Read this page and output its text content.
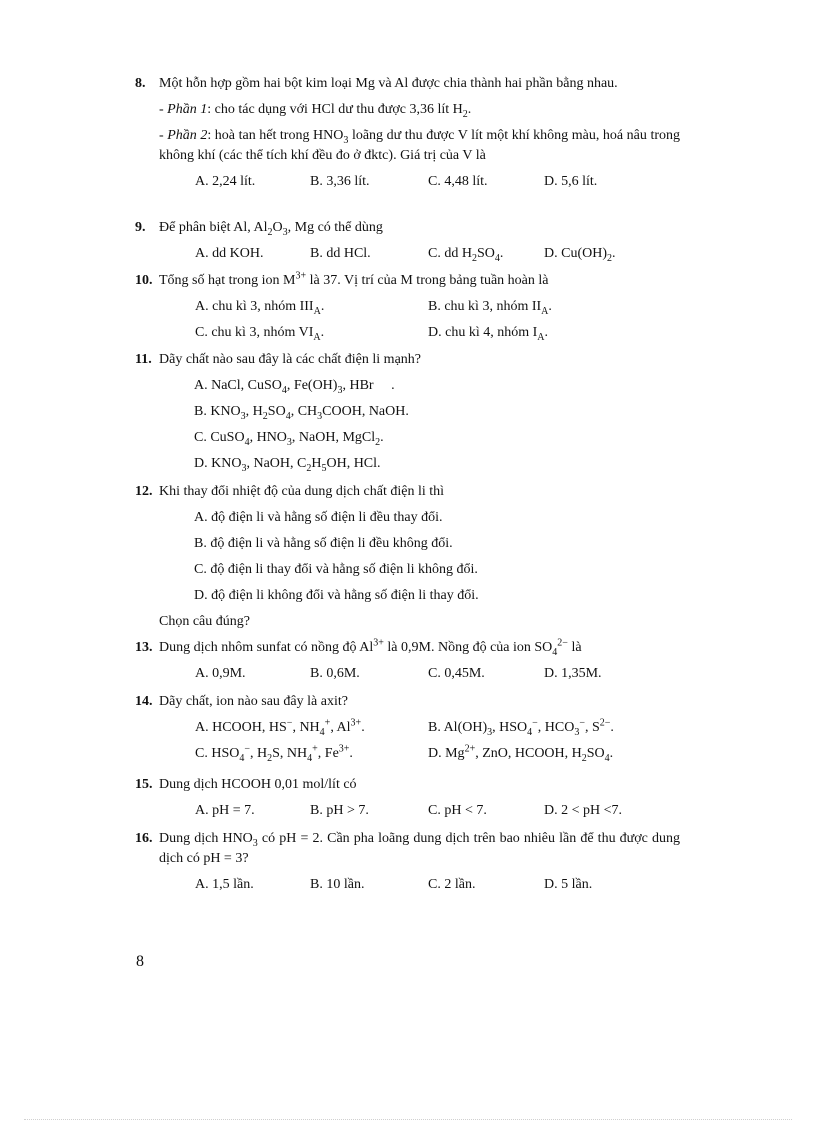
8. Một hỗn hợp gồm hai bột kim loại Mg và Al được chia thành hai phần bằng nhau.
- Phần 1: cho tác dụng với HCl dư thu được 3,36 lít $H_2$.
- Phần 2: hoà tan hết trong $HNO_3$ loãng dư thu được V lít một khí không màu, hoá nâu trong không khí (các thể tích khí đều đo ở đktc). Giá trị của V là
A. 2,24 lít.	B. 3,36 lít.	C. 4,48 lít.	D. 5,6 lít.
9. Để phân biệt Al, $Al_2O_3$, Mg có thể dùng
A. dd KOH.	B. dd HCl.	C. dd $H_2SO_4$.	D. $Cu(OH)_2$.
10. Tổng số hạt trong ion $M^{3+}$ là 37. Vị trí của M trong bảng tuần hoàn là
A. chu kì 3, nhóm $III_A$.	B. chu kì 3, nhóm $II_A$.
C. chu kì 3, nhóm $VI_A$.	D. chu kì 4, nhóm $I_A$.
11. Dãy chất nào sau đây là các chất điện li mạnh?
A. NaCl, CuSO$_4$, $Fe(OH)_3$, HBr     .
B. $KNO_3$, $H_2SO_4$, $CH_3COOH$, NaOH.
C. CuSO$_4$, $HNO_3$, NaOH, MgCl$_2$.
D. $KNO_3$, NaOH, $C_2H_5OH$, HCl.
12. Khi thay đổi nhiệt độ của dung dịch chất điện li thì
A. độ điện li và hằng số điện li đều thay đổi.
B. độ điện li và hằng số điện li đều không đổi.
C. độ điện li thay đổi và hằng số điện li không đổi.
D. độ điện li không đổi và hằng số điện li thay đổi.
Chọn câu đúng?
13. Dung dịch nhôm sunfat có nồng độ $Al^{3+}$ là 0,9M. Nồng độ của ion $SO_4^{2-}$ là
A. 0,9M.	B. 0,6M.	C. 0,45M.	D. 1,35M.
14. Dãy chất, ion nào sau đây là axit?
A. HCOOH, HS−, $NH_4^+$, $Al^{3+}$.	B. $Al(OH)_3$, $HSO_4^-$, $HCO_3^-$, $S^{2-}$.
C. $HSO_4^-$, $H_2S$, $NH_4^+$, $Fe^{3+}$.	D. $Mg^{2+}$, ZnO, HCOOH, $H_2SO_4$.
15. Dung dịch HCOOH 0,01 mol/lít có
A. pH = 7.	B. pH > 7.	C. pH < 7.	D. 2 < pH <7.
16. Dung dịch $HNO_3$ có pH = 2. Cần pha loãng dung dịch trên bao nhiêu lần để thu được dung dịch có pH = 3?
A. 1,5 lần.	B. 10 lần.	C. 2 lần.	D. 5 lần.
8
